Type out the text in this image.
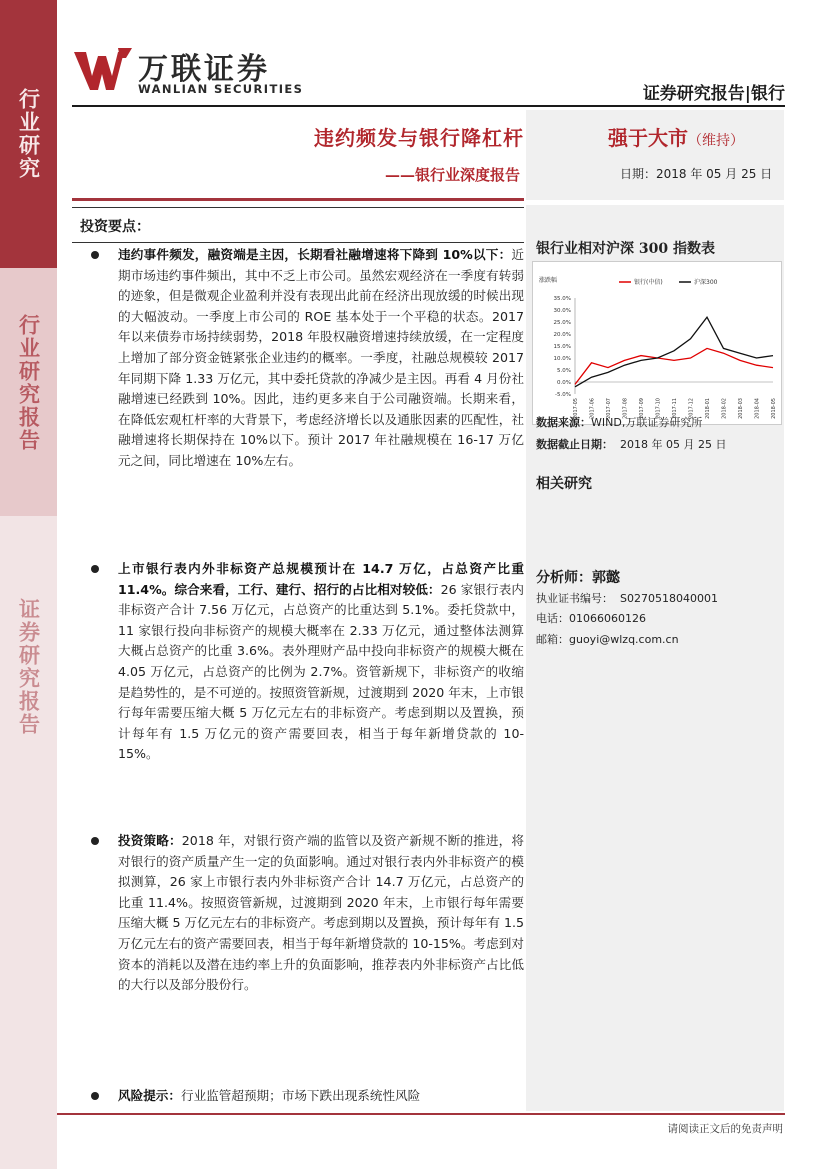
行业研究
行业研究报告
证券研究报告
万联证券
WANLIAN SECURITIES	证券研究报告|银行
违约频发与银行降杠杆
——银行业深度报告
强于大市（维持）
日期：2018 年 05 月 25 日
投资要点：
违约事件频发，融资端是主因，长期看社融增速将下降到 10%以下：近期市场违约事件频出，其中不乏上市公司。虽然宏观经济在一季度有转弱的迹象，但是微观企业盈利并没有表现出此前在经济出现放缓的时候出现的大幅波动。一季度上市公司的 ROE 基本处于一个平稳的状态。2017 年以来债券市场持续弱势，2018 年股权融资增速持续放缓，在一定程度上增加了部分资金链紧张企业违约的概率。一季度，社融总规模较 2017 年同期下降 1.33 万亿元，其中委托贷款的净减少是主因。再看 4 月份社融增速已经跌到 10%。因此，违约更多来自于公司融资端。长期来看，在降低宏观杠杆率的大背景下，考虑经济增长以及通胀因素的匹配性，社融增速将长期保持在 10%以下。预计 2017 年社融规模在 16-17 万亿元之间，同比增速在 10%左右。
上市银行表内外非标资产总规模预计在 14.7 万亿，占总资产比重 11.4%。综合来看，工行、建行、招行的占比相对较低：26 家银行表内非标资产合计 7.56 万亿元，占总资产的比重达到 5.1%。委托贷款中，11 家银行投向非标资产的规模大概率在 2.33 万亿元，通过整体法测算大概占总资产的比重 3.6%。表外理财产品中投向非标资产的规模大概在 4.05 万亿元，占总资产的比例为 2.7%。资管新规下，非标资产的收缩是趋势性的，是不可逆的。按照资管新规，过渡期到 2020 年末，上市银行每年需要压缩大概 5 万亿元左右的非标资产。考虑到期以及置换，预计每年有 1.5 万亿元的资产需要回表，相当于每年新增贷款的 10-15%。
投资策略：2018 年，对银行资产端的监管以及资产新规不断的推进，将对银行的资产质量产生一定的负面影响。通过对银行表内外非标资产的模拟测算，26 家上市银行表内外非标资产合计 14.7 万亿元，占总资产的比重 11.4%。按照资管新规，过渡期到 2020 年末，上市银行每年需要压缩大概 5 万亿元左右的非标资产。考虑到期以及置换，预计每年有 1.5 万亿元左右的资产需要回表，相当于每年新增贷款的 10-15%。考虑到对资本的消耗以及潜在违约率上升的负面影响，推荐表内外非标资产占比低的大行以及部分股份行。
风险提示：行业监管超预期；市场下跌出现系统性风险
银行业相对沪深 300 指数表
涨跌幅
35.0%
30.0%
25.0%
20.0%
15.0%
10.0%
5.0%
0.0%
-5.0%
2017-05 2017-06 2017-07 2017-08 2017-09 2017-10 2017-11 2017-12 2018-01 2018-02 2018-03 2018-04 2018-05
银行(中信)	沪深300
数据来源：WIND,万联证券研究所
数据截止日期： 2018 年 05 月 25 日
相关研究
分析师：郭懿
执业证书编号： S0270518040001
电话：01066060126
邮箱：guoyi@wlzq.com.cn
请阅读正文后的免责声明
